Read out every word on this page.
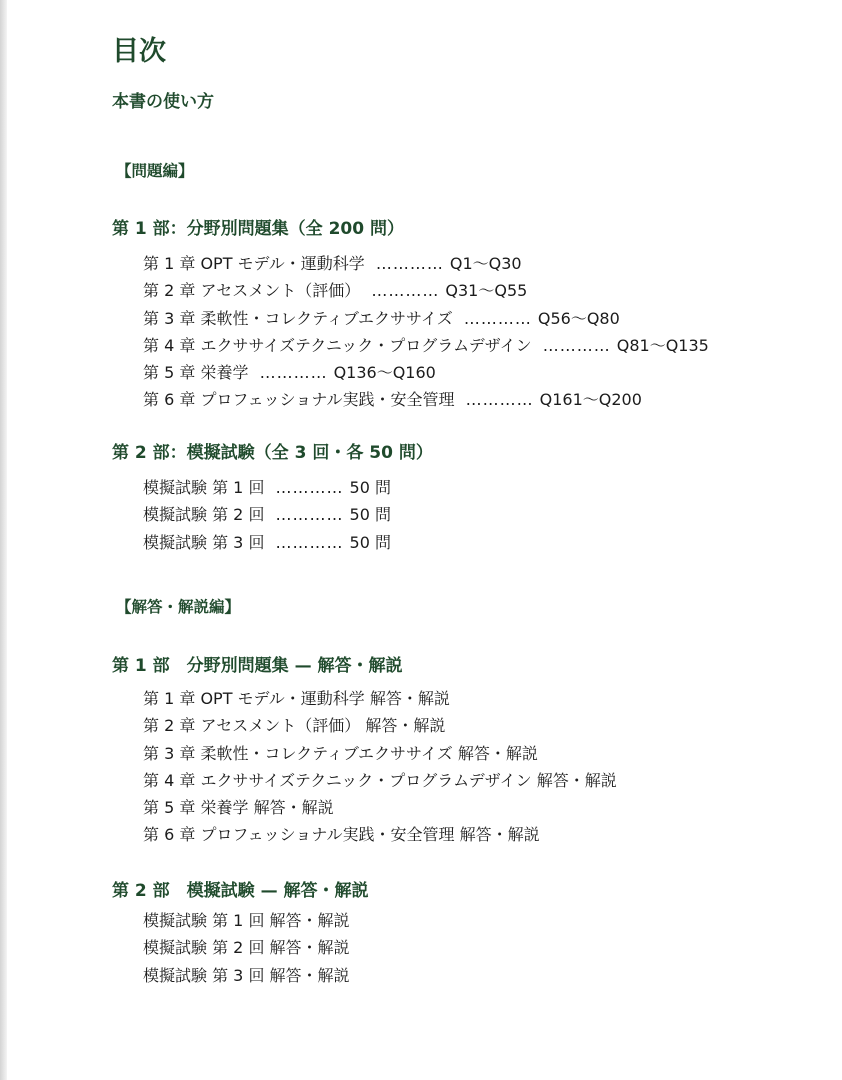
目次
本書の使い方
【問題編】
第 1 部：分野別問題集（全 200 問）
第 1 章 OPT モデル・運動科学 ………… Q1〜Q30
第 2 章 アセスメント（評価） ………… Q31〜Q55
第 3 章 柔軟性・コレクティブエクササイズ ………… Q56〜Q80
第 4 章 エクササイズテクニック・プログラムデザイン ………… Q81〜Q135
第 5 章 栄養学 ………… Q136〜Q160
第 6 章 プロフェッショナル実践・安全管理 ………… Q161〜Q200
第 2 部：模擬試験（全 3 回・各 50 問）
模擬試験 第 1 回 ………… 50 問
模擬試験 第 2 回 ………… 50 問
模擬試験 第 3 回 ………… 50 問
【解答・解説編】
第 1 部　分野別問題集 — 解答・解説
第 1 章 OPT モデル・運動科学 解答・解説
第 2 章 アセスメント（評価） 解答・解説
第 3 章 柔軟性・コレクティブエクササイズ 解答・解説
第 4 章 エクササイズテクニック・プログラムデザイン 解答・解説
第 5 章 栄養学 解答・解説
第 6 章 プロフェッショナル実践・安全管理 解答・解説
第 2 部　模擬試験 — 解答・解説
模擬試験 第 1 回 解答・解説
模擬試験 第 2 回 解答・解説
模擬試験 第 3 回 解答・解説
